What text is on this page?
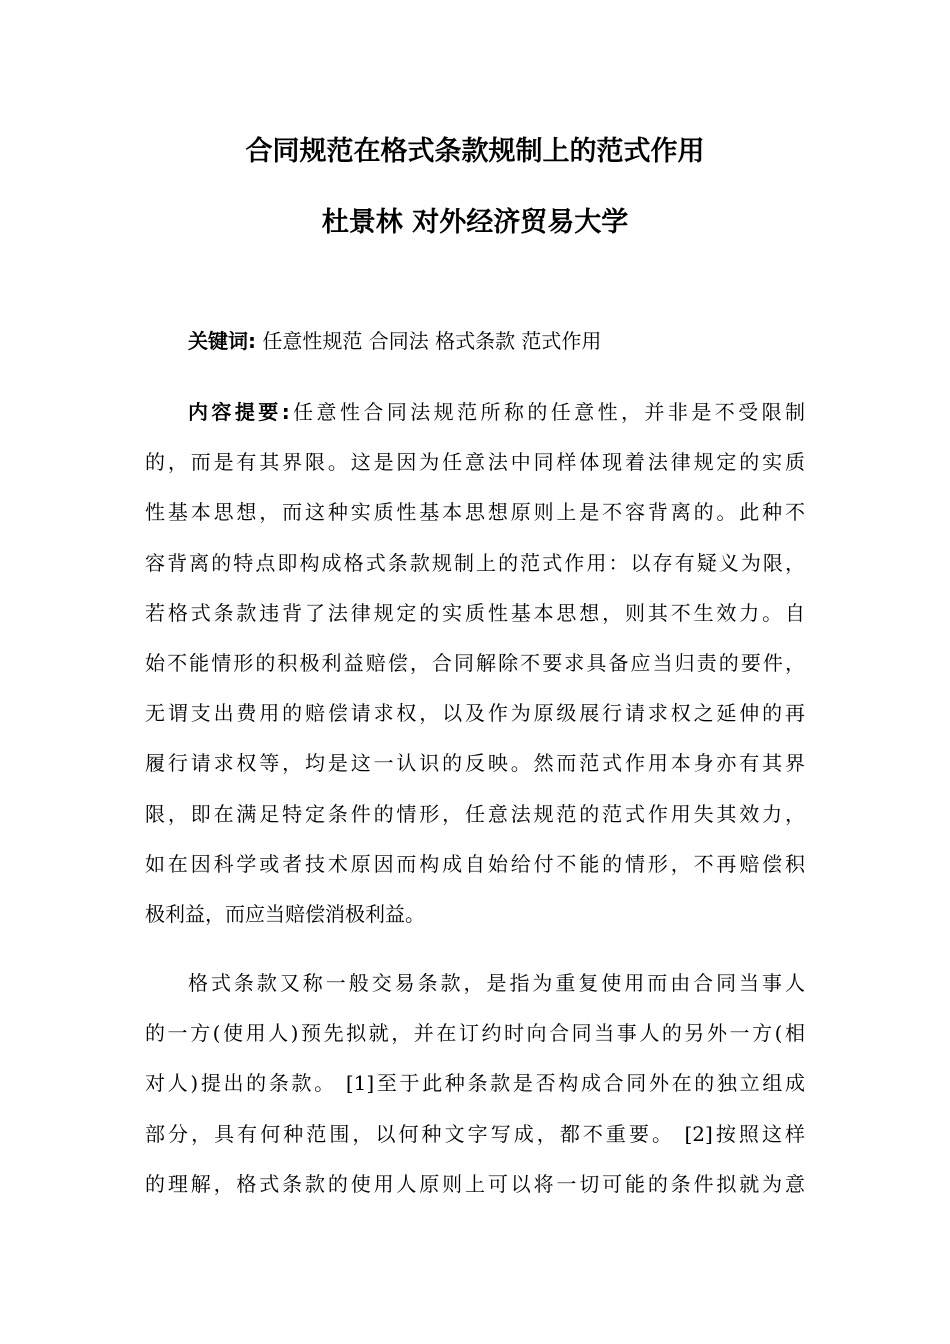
合同规范在格式条款规制上的范式作用
杜景林 对外经济贸易大学

关键词: 任意性规范 合同法 格式条款 范式作用

内容提要:任意性合同法规范所称的任意性，并非是不受限制
的，而是有其界限。这是因为任意法中同样体现着法律规定的实质
性基本思想，而这种实质性基本思想原则上是不容背离的。此种不
容背离的特点即构成格式条款规制上的范式作用：以存有疑义为限，
若格式条款违背了法律规定的实质性基本思想，则其不生效力。自
始不能情形的积极利益赔偿，合同解除不要求具备应当归责的要件，
无谓支出费用的赔偿请求权，以及作为原级展行请求权之延伸的再
履行请求权等，均是这一认识的反映。然而范式作用本身亦有其界
限，即在满足特定条件的情形，任意法规范的范式作用失其效力，
如在因科学或者技术原因而构成自始给付不能的情形，不再赔偿积
极利益，而应当赔偿消极利益。
格式条款又称一般交易条款，是指为重复使用而由合同当事人
的一方(使用人)预先拟就，并在订约时向合同当事人的另外一方(相
对人)提出的条款。 [1]至于此种条款是否构成合同外在的独立组成
部分，具有何种范围，以何种文字写成，都不重要。 [2]按照这样
的理解，格式条款的使用人原则上可以将一切可能的条件拟就为意
